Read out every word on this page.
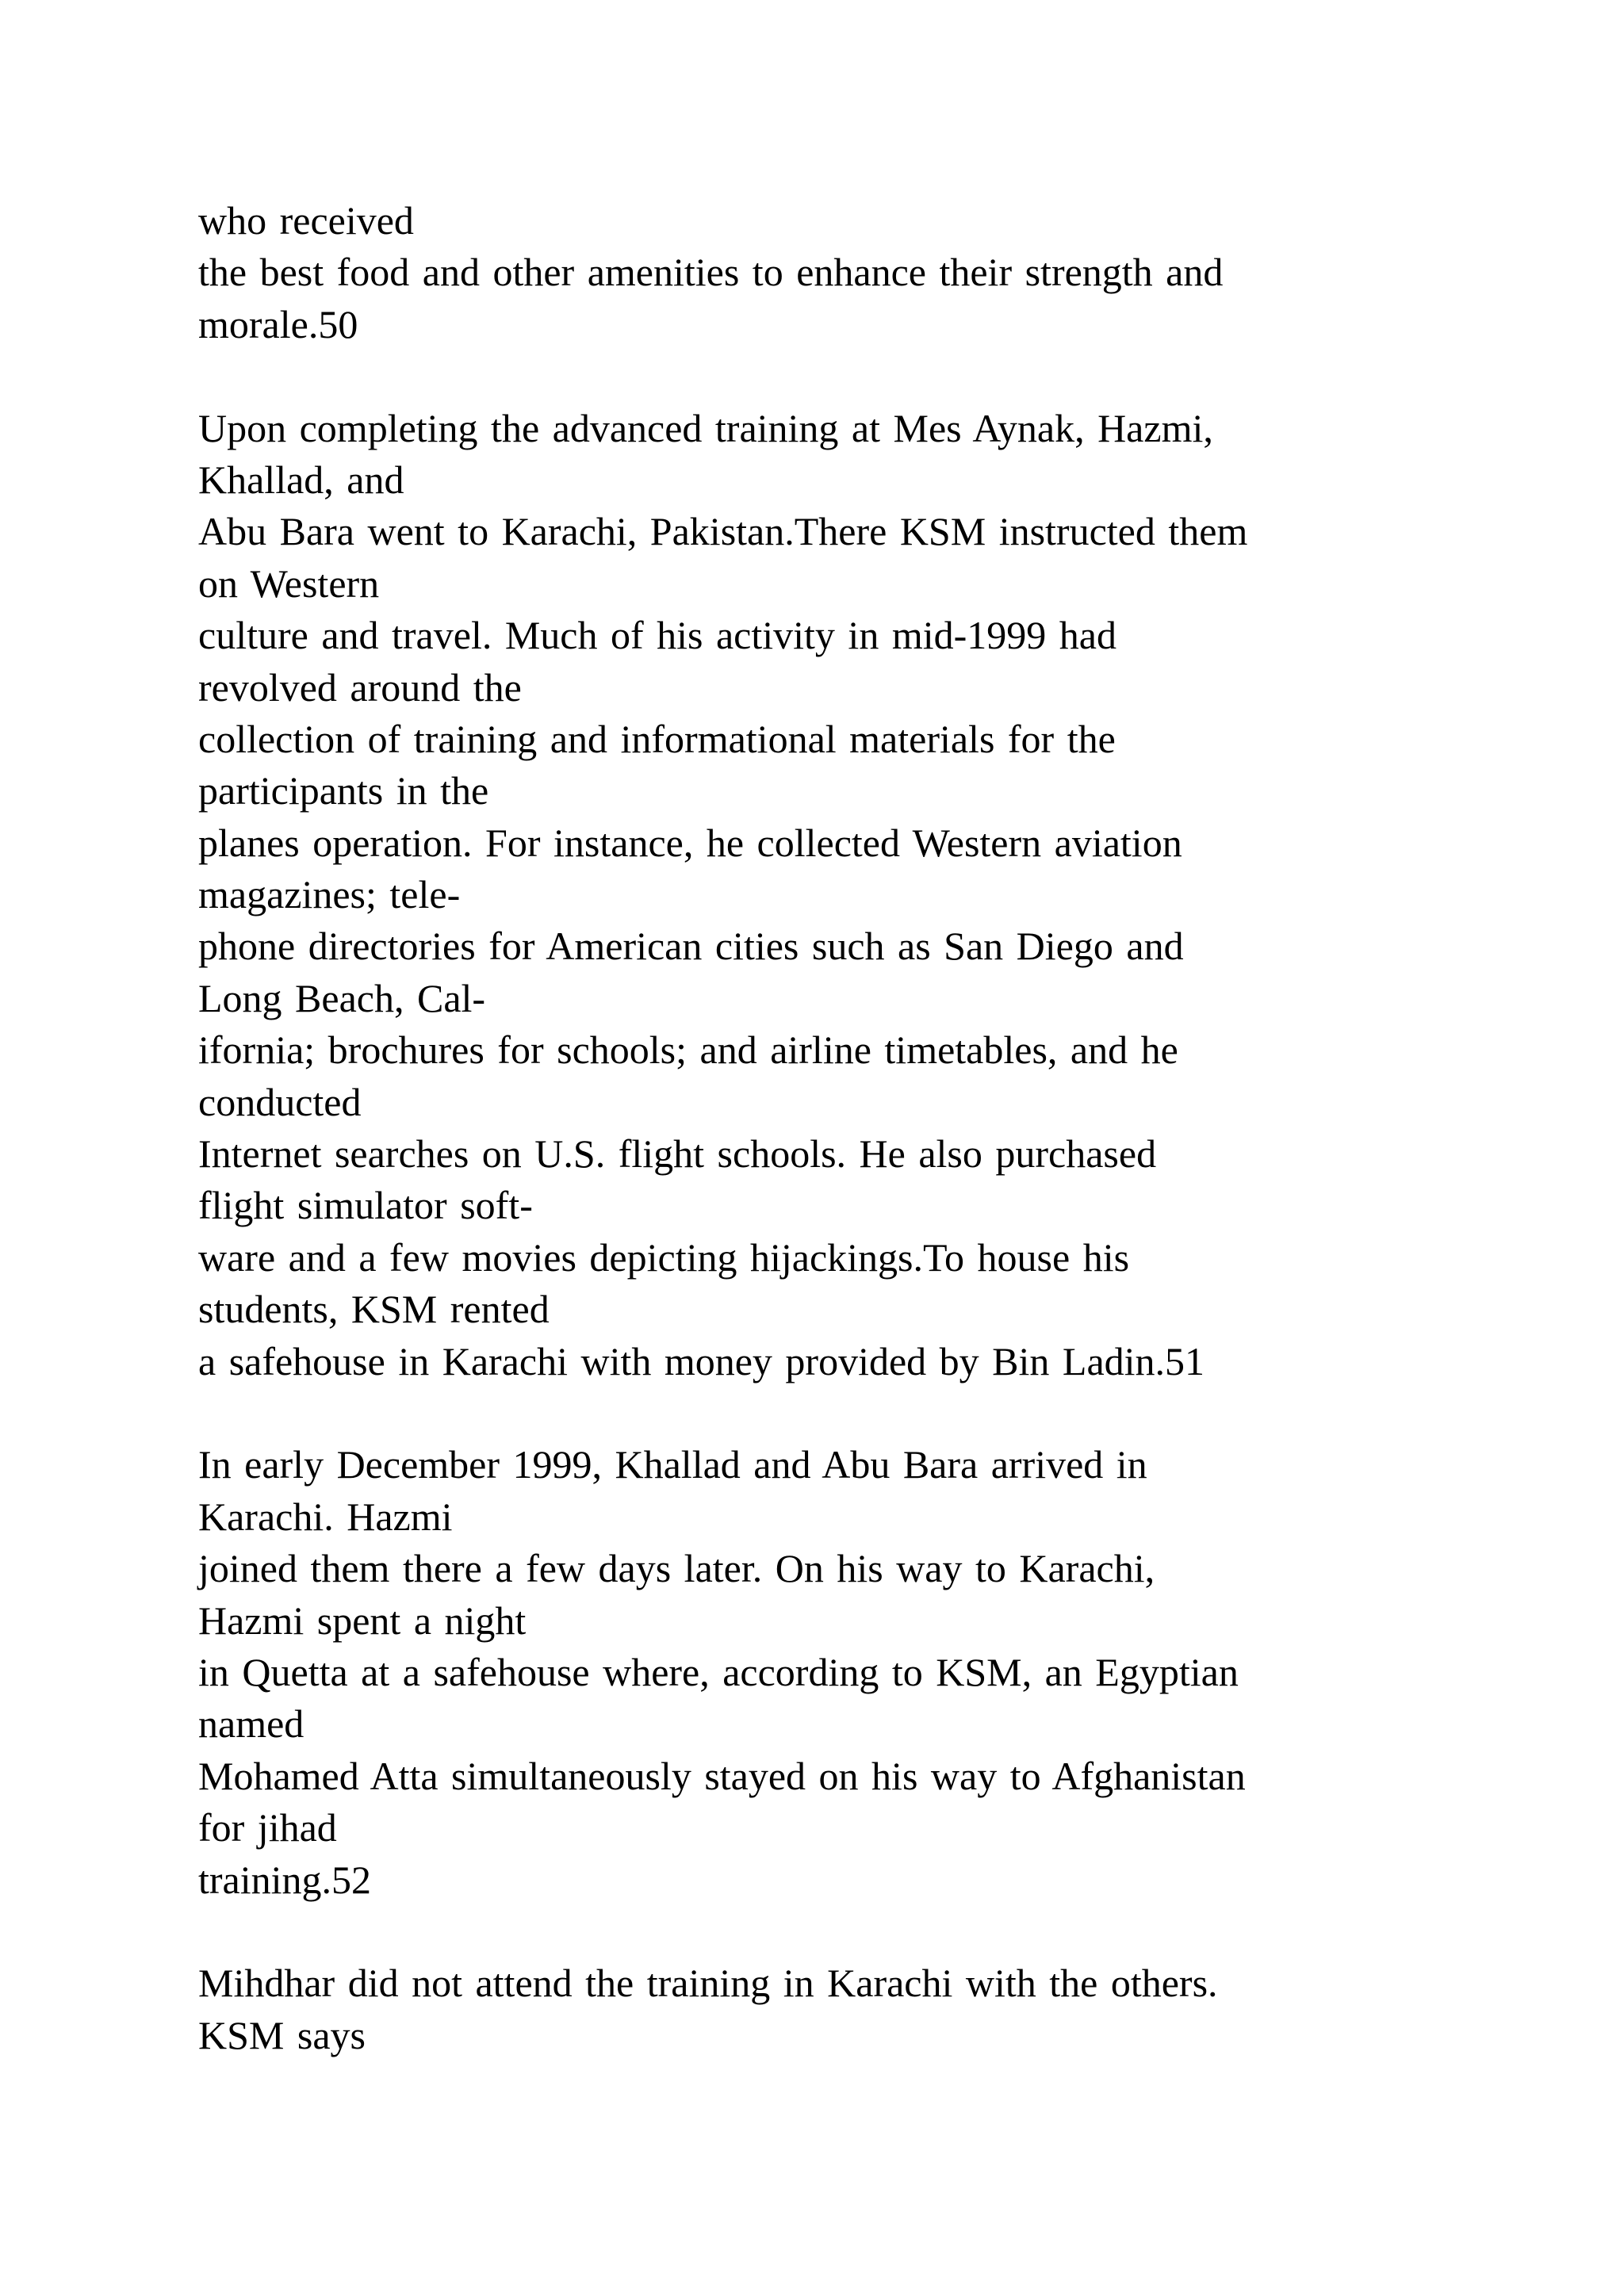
who received
the best food and other amenities to enhance their strength and
morale.50
Upon completing the advanced training at Mes Aynak, Hazmi,
Khallad, and
Abu Bara went to Karachi, Pakistan.There KSM instructed them
on Western
culture and travel. Much of his activity in mid-1999 had
revolved around the
collection of training and informational materials for the
participants in the
planes operation. For instance, he collected Western aviation
magazines; tele-
phone directories for American cities such as San Diego and
Long Beach, Cal-
ifornia; brochures for schools; and airline timetables, and he
conducted
Internet searches on U.S. flight schools. He also purchased
flight simulator soft-
ware and a few movies depicting hijackings.To house his
students, KSM rented
a safehouse in Karachi with money provided by Bin Ladin.51
In early December 1999, Khallad and Abu Bara arrived in
Karachi. Hazmi
joined them there a few days later. On his way to Karachi,
Hazmi spent a night
in Quetta at a safehouse where, according to KSM, an Egyptian
named
Mohamed Atta simultaneously stayed on his way to Afghanistan
for jihad
training.52
Mihdhar did not attend the training in Karachi with the others.
KSM says
